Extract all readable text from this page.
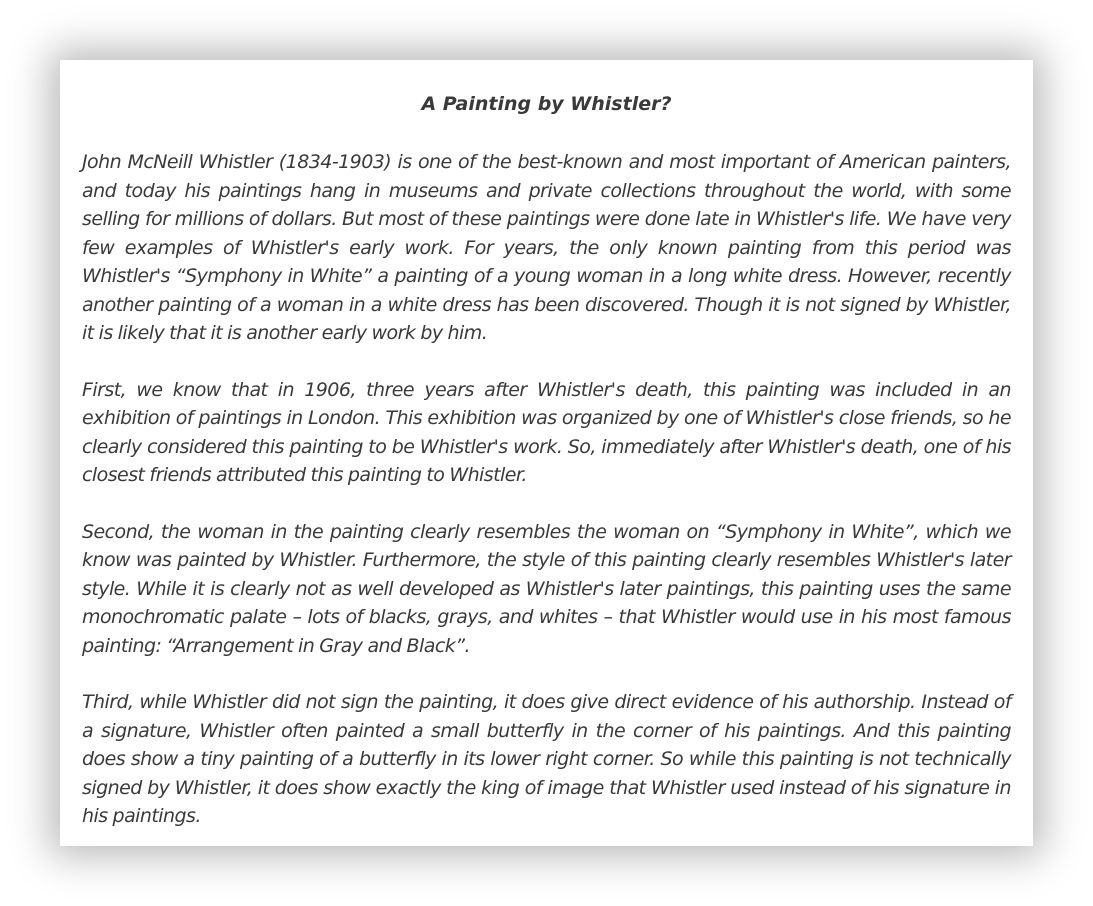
A Painting by Whistler?

John McNeill Whistler (1834-1903) is one of the best-known and most important of American painters, and today his paintings hang in museums and private collections throughout the world, with some selling for millions of dollars. But most of these paintings were done late in Whistler's life. We have very few examples of Whistler's early work. For years, the only known painting from this period was Whistler's “Symphony in White” a painting of a young woman in a long white dress. However, recently another painting of a woman in a white dress has been discovered. Though it is not signed by Whistler, it is likely that it is another early work by him.

First, we know that in 1906, three years after Whistler's death, this painting was included in an exhibition of paintings in London. This exhibition was organized by one of Whistler's close friends, so he clearly considered this painting to be Whistler's work. So, immediately after Whistler's death, one of his closest friends attributed this painting to Whistler.

Second, the woman in the painting clearly resembles the woman on “Symphony in White”, which we know was painted by Whistler. Furthermore, the style of this painting clearly resembles Whistler's later style. While it is clearly not as well developed as Whistler's later paintings, this painting uses the same monochromatic palate – lots of blacks, grays, and whites – that Whistler would use in his most famous painting: “Arrangement in Gray and Black”.

Third, while Whistler did not sign the painting, it does give direct evidence of his authorship. Instead of a signature, Whistler often painted a small butterfly in the corner of his paintings. And this painting does show a tiny painting of a butterfly in its lower right corner. So while this painting is not technically signed by Whistler, it does show exactly the king of image that Whistler used instead of his signature in his paintings.
